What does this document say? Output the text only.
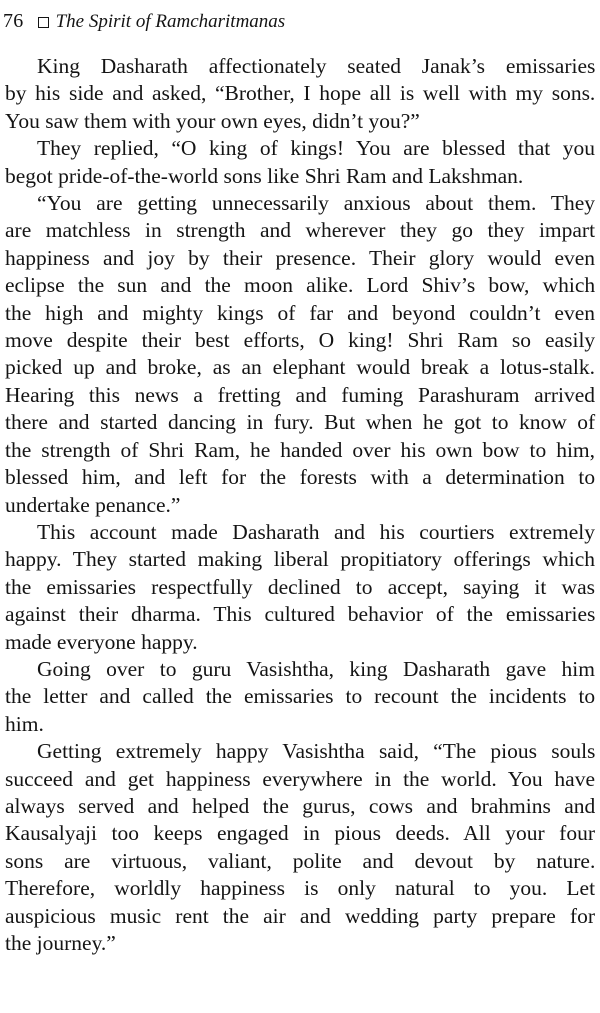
76 The Spirit of Ramcharitmanas
King Dasharath affectionately seated Janak’s emissaries
by his side and asked, “Brother, I hope all is well with my sons.
You saw them with your own eyes, didn’t you?”
They replied, “O king of kings! You are blessed that you
begot pride-of-the-world sons like Shri Ram and Lakshman.
“You are getting unnecessarily anxious about them. They
are matchless in strength and wherever they go they impart
happiness and joy by their presence. Their glory would even
eclipse the sun and the moon alike. Lord Shiv’s bow, which
the high and mighty kings of far and beyond couldn’t even
move despite their best efforts, O king! Shri Ram so easily
picked up and broke, as an elephant would break a lotus-stalk.
Hearing this news a fretting and fuming Parashuram arrived
there and started dancing in fury. But when he got to know of
the strength of Shri Ram, he handed over his own bow to him,
blessed him, and left for the forests with a determination to
undertake penance.”
This account made Dasharath and his courtiers extremely
happy. They started making liberal propitiatory offerings which
the emissaries respectfully declined to accept, saying it was
against their dharma. This cultured behavior of the emissaries
made everyone happy.
Going over to guru Vasishtha, king Dasharath gave him
the letter and called the emissaries to recount the incidents to
him.
Getting extremely happy Vasishtha said, “The pious souls
succeed and get happiness everywhere in the world. You have
always served and helped the gurus, cows and brahmins and
Kausalyaji too keeps engaged in pious deeds. All your four
sons are virtuous, valiant, polite and devout by nature.
Therefore, worldly happiness is only natural to you. Let
auspicious music rent the air and wedding party prepare for
the journey.”
